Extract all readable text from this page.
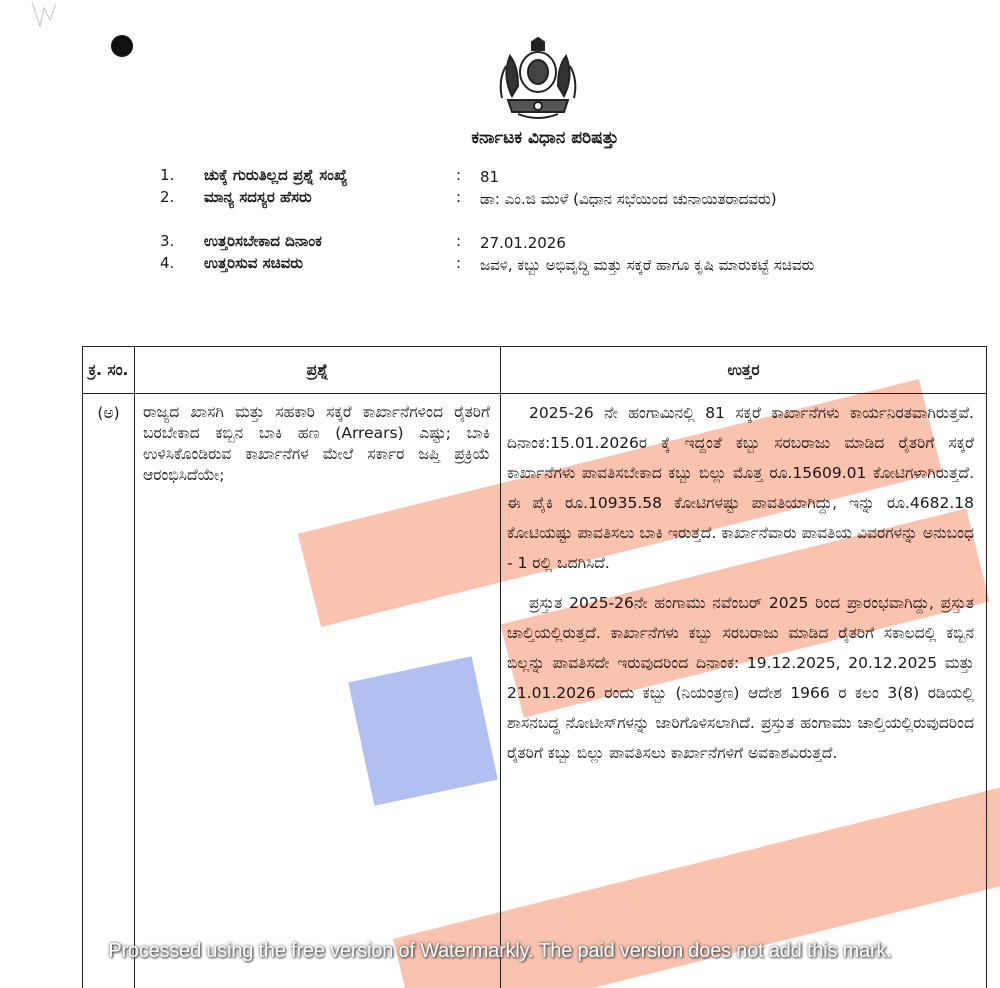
ಕರ್ನಾಟಕ ವಿಧಾನ ಪರಿಷತ್ತು
1.	ಚುಕ್ಕೆ ಗುರುತಿಲ್ಲದ ಪ್ರಶ್ನೆ ಸಂಖ್ಯೆ	: 81
2.	ಮಾನ್ಯ ಸದಸ್ಯರ ಹೆಸರು	: ಡಾ: ಎಂ.ಜಿ ಮುಳೆ (ವಿಧಾನ ಸಭೆಯಿಂದ ಚುನಾಯಿತರಾದವರು)
3.	ಉತ್ತರಿಸಬೇಕಾದ ದಿನಾಂಕ	: 27.01.2026
4.	ಉತ್ತರಿಸುವ ಸಚಿವರು	: ಜವಳಿ, ಕಬ್ಬು ಅಭಿವೃದ್ಧಿ ಮತ್ತು ಸಕ್ಕರೆ ಹಾಗೂ ಕೃಷಿ ಮಾರುಕಟ್ಟೆ ಸಚಿವರು
ಕ್ರ. ಸಂ.	ಪ್ರಶ್ನೆ	ಉತ್ತರ
(ಅ)	ರಾಜ್ಯದ ಖಾಸಗಿ ಮತ್ತು ಸಹಕಾರಿ ಸಕ್ಕರೆ ಕಾರ್ಖಾನೆಗಳಿಂದ ರೈತರಿಗೆ ಬರಬೇಕಾದ ಕಬ್ಬಿನ ಬಾಕಿ ಹಣ (Arrears) ಎಷ್ಟು; ಬಾಕಿ ಉಳಿಸಿಕೊಂಡಿರುವ ಕಾರ್ಖಾನೆಗಳ ಮೇಲೆ ಸರ್ಕಾರ ಜಪ್ತಿ ಪ್ರಕ್ರಿಯೆ ಆರಂಭಿಸಿದೆಯೇ;	2025-26 ನೇ ಹಂಗಾಮಿನಲ್ಲಿ 81 ಸಕ್ಕರೆ ಕಾರ್ಖಾನೆಗಳು ಕಾರ್ಯನಿರತವಾಗಿರುತ್ತವೆ. ದಿನಾಂಕ:15.01.2026ರ ಕ್ಕೆ ಇದ್ದಂತೆ ಕಬ್ಬು ಸರಬರಾಜು ಮಾಡಿದ ರೈತರಿಗೆ ಸಕ್ಕರೆ ಕಾರ್ಖಾನೆಗಳು ಪಾವತಿಸಬೇಕಾದ ಕಬ್ಬು ಬಿಲ್ಲು ಮೊತ್ತ ರೂ.15609.01 ಕೋಟಿಗಳಾಗಿರುತ್ತದೆ. ಈ ಪೈಕಿ ರೂ.10935.58 ಕೋಟಿಗಳಷ್ಟು ಪಾವತಿಯಾಗಿದ್ದು, ಇನ್ನು ರೂ.4682.18 ಕೋಟಿಯಷ್ಟು ಪಾವತಿಸಲು ಬಾಕಿ ಇರುತ್ತದೆ. ಕಾರ್ಖಾನೆವಾರು ಪಾವತಿಯ ವಿವರಗಳನ್ನು ಅನುಬಂಧ - 1 ರಲ್ಲಿ ಒದಗಿಸಿದೆ.

ಪ್ರಸ್ತುತ 2025-26ನೇ ಹಂಗಾಮು ನವೆಂಬರ್ 2025 ರಿಂದ ಪ್ರಾರಂಭವಾಗಿದ್ದು, ಪ್ರಸ್ತುತ ಚಾಲ್ತಿಯಲ್ಲಿರುತ್ತದೆ. ಕಾರ್ಖಾನೆಗಳು ಕಬ್ಬು ಸರಬರಾಜು ಮಾಡಿದ ರೈತರಿಗೆ ಸಕಾಲದಲ್ಲಿ ಕಬ್ಬಿನ ಬಿಲ್ಲನ್ನು ಪಾವತಿಸದೇ ಇರುವುದರಿಂದ ದಿನಾಂಕ: 19.12.2025, 20.12.2025 ಮತ್ತು 21.01.2026 ರಂದು ಕಬ್ಬು (ನಿಯಂತ್ರಣ) ಆದೇಶ 1966 ರ ಕಲಂ 3(8) ರಡಿಯಲ್ಲಿ ಶಾಸನಬದ್ಧ ನೋಟೀಸ್‌ಗಳನ್ನು ಜಾರಿಗೊಳಿಸಲಾಗಿದೆ. ಪ್ರಸ್ತುತ ಹಂಗಾಮು ಚಾಲ್ತಿಯಲ್ಲಿರುವುದರಿಂದ ರೈತರಿಗೆ ಕಬ್ಬು ಬಿಲ್ಲು ಪಾವತಿಸಲು ಕಾರ್ಖಾನೆಗಳಿಗೆ ಅವಕಾಶವಿರುತ್ತದೆ.

Processed using the free version of Watermarkly. The paid version does not add this mark.
